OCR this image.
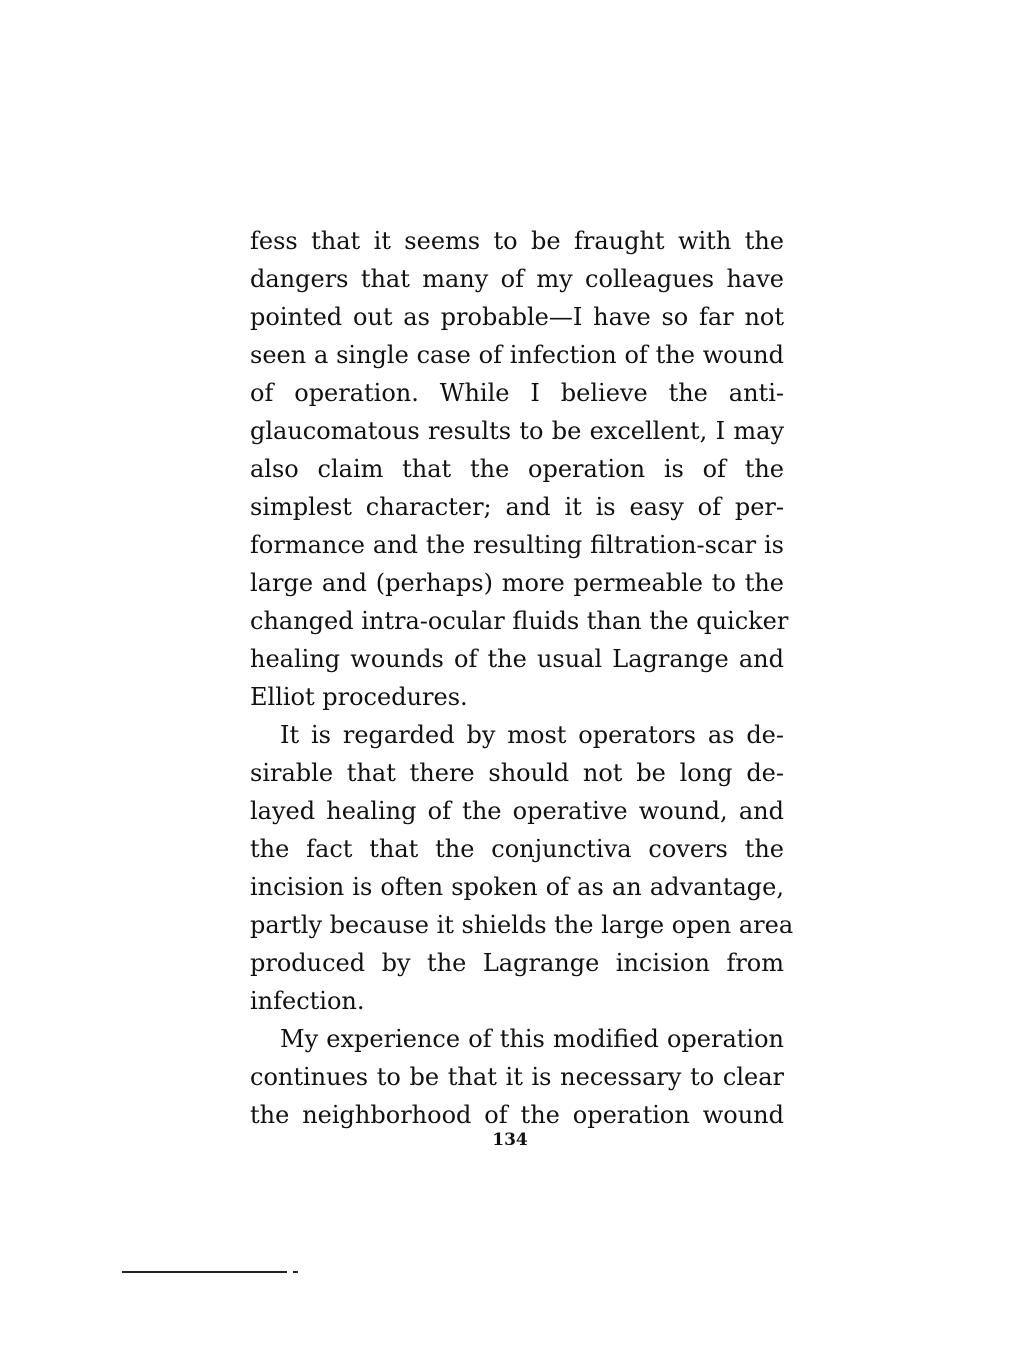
fess that it seems to be fraught with the
dangers that many of my colleagues have
pointed out as probable—I have so far not
seen a single case of infection of the wound
of operation. While I believe the anti-
glaucomatous results to be excellent, I may
also claim that the operation is of the
simplest character; and it is easy of per-
formance and the resulting filtration-scar is
large and (perhaps) more permeable to the
changed intra-ocular fluids than the quicker
healing wounds of the usual Lagrange and
Elliot procedures.
It is regarded by most operators as de-
sirable that there should not be long de-
layed healing of the operative wound, and
the fact that the conjunctiva covers the
incision is often spoken of as an advantage,
partly because it shields the large open area
produced by the Lagrange incision from
infection.
My experience of this modified operation
continues to be that it is necessary to clear
the neighborhood of the operation wound
134
